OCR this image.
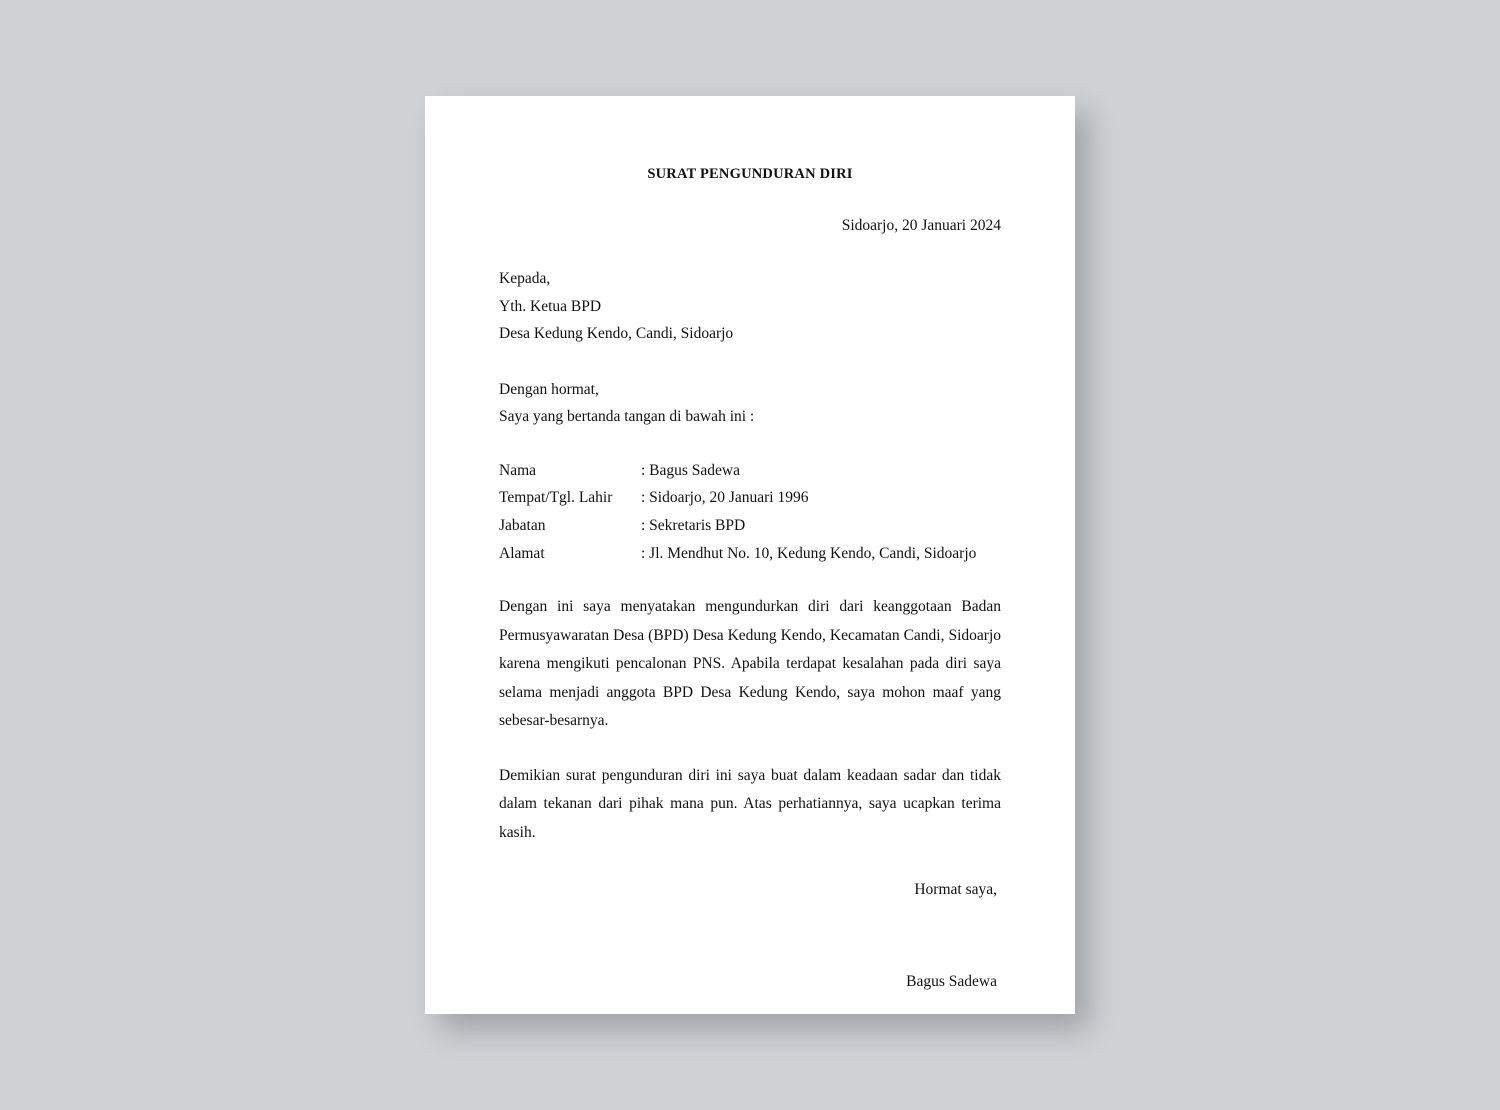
SURAT PENGUNDURAN DIRI
Sidoarjo, 20 Januari 2024
Kepada,
Yth. Ketua BPD
Desa Kedung Kendo, Candi, Sidoarjo
Dengan hormat,
Saya yang bertanda tangan di bawah ini :
Nama	: Bagus Sadewa
Tempat/Tgl. Lahir	: Sidoarjo, 20 Januari 1996
Jabatan	: Sekretaris BPD
Alamat	: Jl. Mendhut No. 10, Kedung Kendo, Candi, Sidoarjo

Dengan ini saya menyatakan mengundurkan diri dari keanggotaan Badan Permusyawaratan Desa (BPD) Desa Kedung Kendo, Kecamatan Candi, Sidoarjo karena mengikuti pencalonan PNS. Apabila terdapat kesalahan pada diri saya selama menjadi anggota BPD Desa Kedung Kendo, saya mohon maaf yang sebesar-besarnya.

Demikian surat pengunduran diri ini saya buat dalam keadaan sadar dan tidak dalam tekanan dari pihak mana pun. Atas perhatiannya, saya ucapkan terima kasih.

Hormat saya,
Bagus Sadewa
